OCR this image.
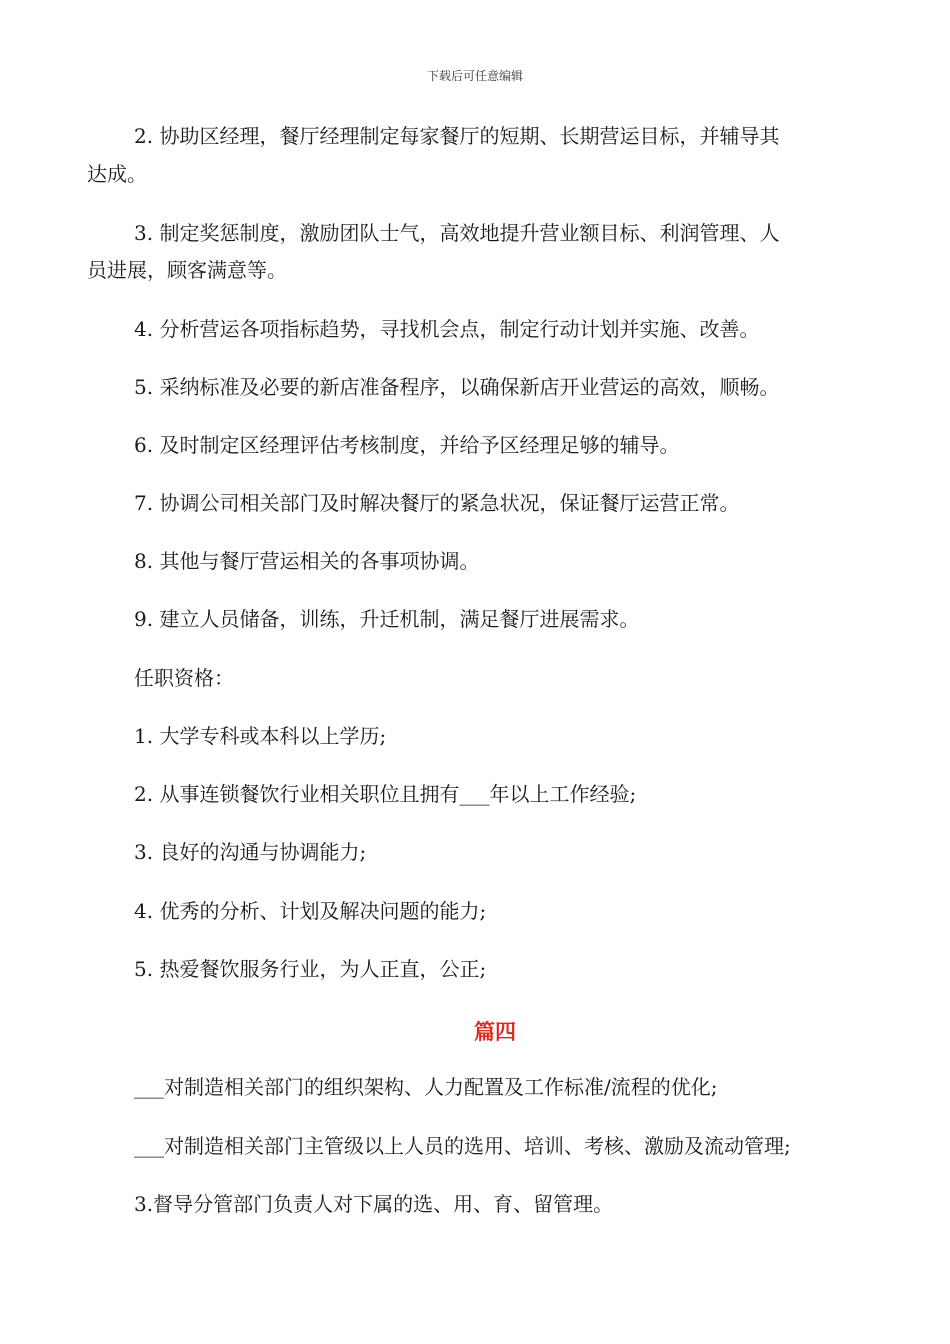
下载后可任意编辑
2. 协助区经理，餐厅经理制定每家餐厅的短期、长期营运目标，并辅导其
达成。
3. 制定奖惩制度，激励团队士气，高效地提升营业额目标、利润管理、人
员进展，顾客满意等。
4. 分析营运各项指标趋势，寻找机会点，制定行动计划并实施、改善。
5. 采纳标准及必要的新店准备程序，以确保新店开业营运的高效，顺畅。
6. 及时制定区经理评估考核制度，并给予区经理足够的辅导。
7. 协调公司相关部门及时解决餐厅的紧急状况，保证餐厅运营正常。
8. 其他与餐厅营运相关的各事项协调。
9. 建立人员储备，训练，升迁机制，满足餐厅进展需求。
任职资格：
1. 大学专科或本科以上学历;
2. 从事连锁餐饮行业相关职位且拥有___年以上工作经验;
3. 良好的沟通与协调能力;
4. 优秀的分析、计划及解决问题的能力;
5. 热爱餐饮服务行业，为人正直，公正;
篇四
___对制造相关部门的组织架构、人力配置及工作标准/流程的优化;
___对制造相关部门主管级以上人员的选用、培训、考核、激励及流动管理;
3.督导分管部门负责人对下属的选、用、育、留管理。
